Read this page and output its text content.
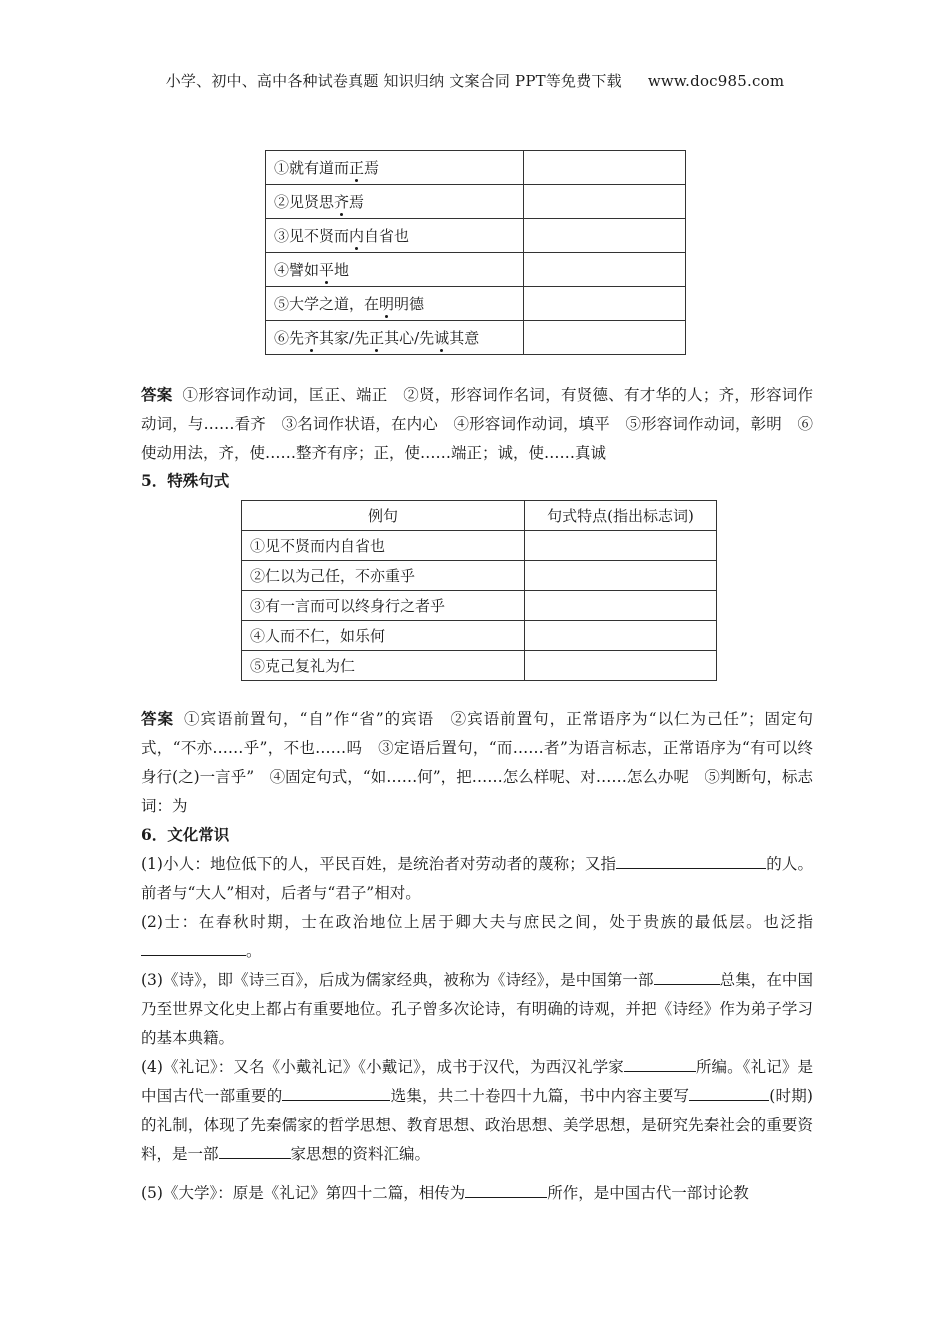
小学、初中、高中各种试卷真题 知识归纳 文案合同 PPT等免费下载 www.doc985.com
①就有道而正焉	
②见贤思齐焉	
③见不贤而内自省也	
④譬如平地	
⑤大学之道，在明明德	
⑥先齐其家/先正其心/先诚其意	
答案 ①形容词作动词，匡正、端正　②贤，形容词作名词，有贤德、有才华的人；齐，形容词作动词，与……看齐　③名词作状语，在内心　④形容词作动词，填平　⑤形容词作动词，彰明　⑥使动用法，齐，使……整齐有序；正，使……端正；诚，使……真诚
5．特殊句式
例句	句式特点(指出标志词)
①见不贤而内自省也	
②仁以为己任，不亦重乎	
③有一言而可以终身行之者乎	
④人而不仁，如乐何	
⑤克己复礼为仁	
答案 ①宾语前置句，“自”作“省”的宾语　②宾语前置句，正常语序为“以仁为己任”；固定句式，“不亦……乎”，不也……吗　③定语后置句，“而……者”为语言标志，正常语序为“有可以终身行(之)一言乎”　④固定句式，“如……何”，把……怎么样呢、对……怎么办呢　⑤判断句，标志词：为
6．文化常识
(1)小人：地位低下的人，平民百姓，是统治者对劳动者的蔑称；又指	的人。前者与“大人”相对，后者与“君子”相对。
(2)士：在春秋时期，士在政治地位上居于卿大夫与庶民之间，处于贵族的最低层。也泛指。
(3)《诗》，即《诗三百》，后成为儒家经典，被称为《诗经》，是中国第一部	总集，在中国乃至世界文化史上都占有重要地位。孔子曾多次论诗，有明确的诗观，并把《诗经》作为弟子学习的基本典籍。
(4)《礼记》：又名《小戴礼记》《小戴记》，成书于汉代，为西汉礼学家	所编。《礼记》是中国古代一部重要的	选集，共二十卷四十九篇，书中内容主要写	(时期)的礼制，体现了先秦儒家的哲学思想、教育思想、政治思想、美学思想，是研究先秦社会的重要资料，是一部	家思想的资料汇编。
(5)《大学》：原是《礼记》第四十二篇，相传为	所作，是中国古代一部讨论教
